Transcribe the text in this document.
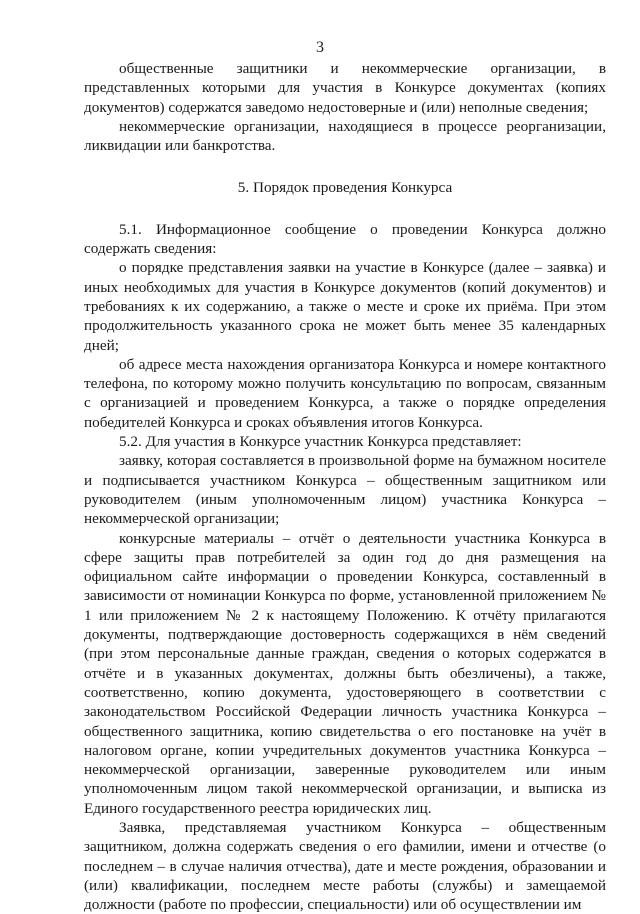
3

общественные защитники и некоммерческие организации, в представленных которыми для участия в Конкурсе документах (копиях документов) содержатся заведомо недостоверные и (или) неполные сведения;

некоммерческие организации, находящиеся в процессе реорганизации, ликвидации или банкротства.

5. Порядок проведения Конкурса

5.1. Информационное сообщение о проведении Конкурса должно содержать сведения:

о порядке представления заявки на участие в Конкурсе (далее – заявка) и иных необходимых для участия в Конкурсе документов (копий документов) и требованиях к их содержанию, а также о месте и сроке их приёма. При этом продолжительность указанного срока не может быть менее 35 календарных дней;

об адресе места нахождения организатора Конкурса и номере контактного телефона, по которому можно получить консультацию по вопросам, связанным с организацией и проведением Конкурса, а также о порядке определения победителей Конкурса и сроках объявления итогов Конкурса.

5.2. Для участия в Конкурсе участник Конкурса представляет:

заявку, которая составляется в произвольной форме на бумажном носителе и подписывается участником Конкурса – общественным защитником или руководителем (иным уполномоченным лицом) участника Конкурса – некоммерческой организации;

конкурсные материалы – отчёт о деятельности участника Конкурса в сфере защиты прав потребителей за один год до дня размещения на официальном сайте информации о проведении Конкурса, составленный в зависимости от номинации Конкурса по форме, установленной приложением № 1 или приложением № 2 к настоящему Положению. К отчёту прилагаются документы, подтверждающие достоверность содержащихся в нём сведений (при этом персональные данные граждан, сведения о которых содержатся в отчёте и в указанных документах, должны быть обезличены), а также, соответственно, копию документа, удостоверяющего в соответствии с законодательством Российской Федерации личность участника Конкурса – общественного защитника, копию свидетельства о его постановке на учёт в налоговом органе, копии учредительных документов участника Конкурса – некоммерческой организации, заверенные руководителем или иным уполномоченным лицом такой некоммерческой организации, и выписка из Единого государственного реестра юридических лиц.

Заявка, представляемая участником Конкурса – общественным защитником, должна содержать сведения о его фамилии, имени и отчестве (о последнем – в случае наличия отчества), дате и месте рождения, образовании и (или) квалификации, последнем месте работы (службы) и замещаемой должности (работе по профессии, специальности) или об осуществлении им
